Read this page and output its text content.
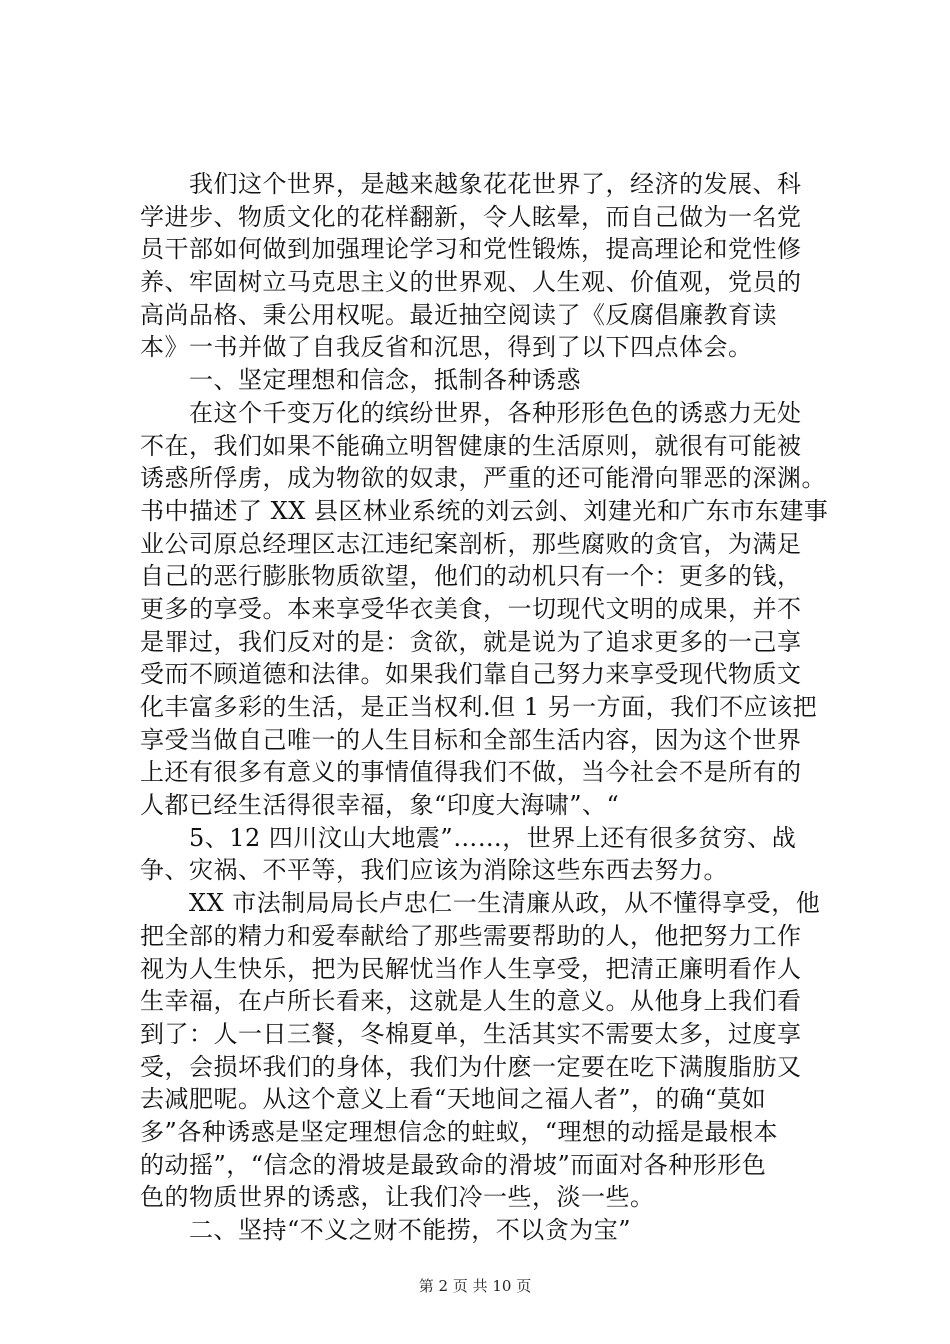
　　我们这个世界，是越来越象花花世界了，经济的发展、科
学进步、物质文化的花样翻新，令人眩晕，而自己做为一名党
员干部如何做到加强理论学习和党性锻炼，提高理论和党性修
养、牢固树立马克思主义的世界观、人生观、价值观，党员的
高尚品格、秉公用权呢。最近抽空阅读了《反腐倡廉教育读
本》一书并做了自我反省和沉思，得到了以下四点体会。
　　一、坚定理想和信念，抵制各种诱惑
　　在这个千变万化的缤纷世界，各种形形色色的诱惑力无处
不在，我们如果不能确立明智健康的生活原则，就很有可能被
诱惑所俘虏，成为物欲的奴隶，严重的还可能滑向罪恶的深渊。
书中描述了 XX 县区林业系统的刘云剑、刘建光和广东市东建事
业公司原总经理区志江违纪案剖析，那些腐败的贪官，为满足
自己的恶行膨胀物质欲望，他们的动机只有一个：更多的钱，
更多的享受。本来享受华衣美食，一切现代文明的成果，并不
是罪过，我们反对的是：贪欲，就是说为了追求更多的一己享
受而不顾道德和法律。如果我们靠自己努力来享受现代物质文
化丰富多彩的生活，是正当权利.但 1 另一方面，我们不应该把
享受当做自己唯一的人生目标和全部生活内容，因为这个世界
上还有很多有意义的事情值得我们不做，当今社会不是所有的
人都已经生活得很幸福，象“印度大海啸”、“
　　5、12 四川汶山大地震”……，世界上还有很多贫穷、战
争、灾祸、不平等，我们应该为消除这些东西去努力。
　　XX 市法制局局长卢忠仁一生清廉从政，从不懂得享受，他
把全部的精力和爱奉献给了那些需要帮助的人，他把努力工作
视为人生快乐，把为民解忧当作人生享受，把清正廉明看作人
生幸福，在卢所长看来，这就是人生的意义。从他身上我们看
到了：人一日三餐，冬棉夏单，生活其实不需要太多，过度享
受，会损坏我们的身体，我们为什麽一定要在吃下满腹脂肪又
去减肥呢。从这个意义上看“天地间之福人者”，的确“莫如
多”各种诱惑是坚定理想信念的蛀蚁，“理想的动摇是最根本
的动摇”，“信念的滑坡是最致命的滑坡”而面对各种形形色
色的物质世界的诱惑，让我们冷一些，淡一些。
　　二、坚持“不义之财不能捞，不以贪为宝”
第 2 页 共 10 页
